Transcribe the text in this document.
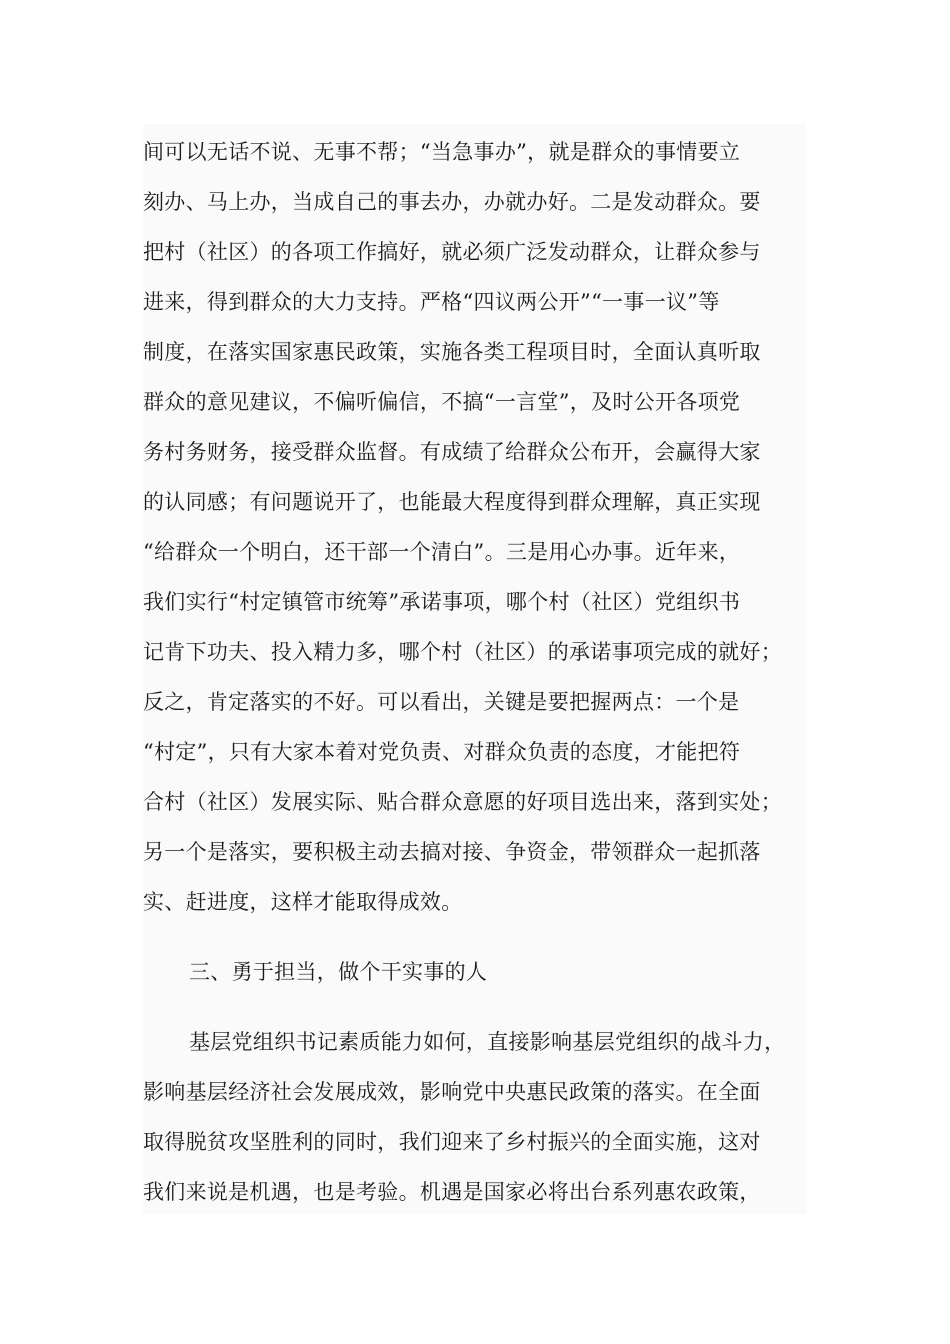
间可以无话不说、无事不帮；“当急事办”，就是群众的事情要立
刻办、马上办，当成自己的事去办，办就办好。二是发动群众。要
把村（社区）的各项工作搞好，就必须广泛发动群众，让群众参与
进来，得到群众的大力支持。严格“四议两公开”“一事一议”等
制度，在落实国家惠民政策，实施各类工程项目时，全面认真听取
群众的意见建议，不偏听偏信，不搞“一言堂”，及时公开各项党
务村务财务，接受群众监督。有成绩了给群众公布开，会赢得大家
的认同感；有问题说开了，也能最大程度得到群众理解，真正实现
“给群众一个明白，还干部一个清白”。三是用心办事。近年来，
我们实行“村定镇管市统筹”承诺事项，哪个村（社区）党组织书
记肯下功夫、投入精力多，哪个村（社区）的承诺事项完成的就好；
反之，肯定落实的不好。可以看出，关键是要把握两点：一个是
“村定”，只有大家本着对党负责、对群众负责的态度，才能把符
合村（社区）发展实际、贴合群众意愿的好项目选出来，落到实处；
另一个是落实，要积极主动去搞对接、争资金，带领群众一起抓落
实、赶进度，这样才能取得成效。
三、勇于担当，做个干实事的人
基层党组织书记素质能力如何，直接影响基层党组织的战斗力，
影响基层经济社会发展成效，影响党中央惠民政策的落实。在全面
取得脱贫攻坚胜利的同时，我们迎来了乡村振兴的全面实施，这对
我们来说是机遇，也是考验。机遇是国家必将出台系列惠农政策，
